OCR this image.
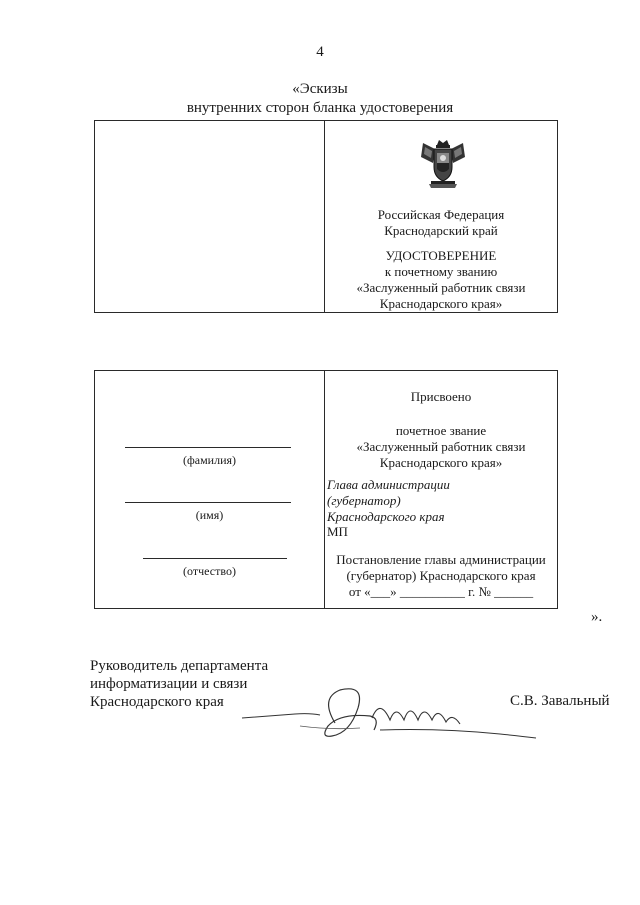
4
«Эскизы
внутренних сторон бланка удостоверения
Российская Федерация
Краснодарский край
УДОСТОВЕРЕНИЕ
к почетному званию
«Заслуженный работник связи
Краснодарского края»
(фамилия)
(имя)
(отчество)
Присвоено
почетное звание
«Заслуженный работник связи
Краснодарского края»
Глава администрации
(губернатор)
Краснодарского края
МП
Постановление главы администрации
(губернатор) Краснодарского края
от «___» __________ г. № ______
».
Руководитель департамента
информатизации и связи
Краснодарского края	С.В. Завальный
